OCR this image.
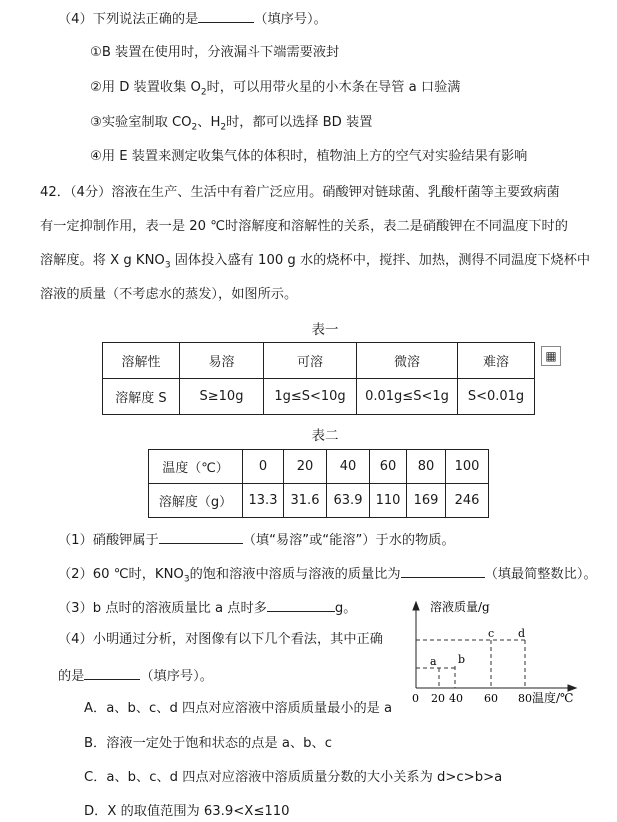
（4）下列说法正确的是	（填序号）。
①B 装置在使用时，分液漏斗下端需要液封
②用 D 装置收集 $O_2$时，可以用带火星的小木条在导管 a 口验满
③实验室制取 $CO_2$、$H_2$时，都可以选择 BD 装置
④用 E 装置来测定收集气体的体积时，植物油上方的空气对实验结果有影响
42．（4分）溶液在生产、生活中有着广泛应用。硝酸钾对链球菌、乳酸杆菌等主要致病菌
有一定抑制作用，表一是 20 ℃时溶解度和溶解性的关系，表二是硝酸钾在不同温度下时的
溶解度。将 X g $KNO_3$ 固体投入盛有 100 g 水的烧杯中，搅拌、加热，测得不同温度下烧杯中
溶液的质量（不考虑水的蒸发），如图所示。
表一
溶解性	易溶	可溶	微溶	难溶
溶解度 S	S≥10g	1g≤S<10g	0.01g≤S<1g	S<0.01g
▦
表二
温度（℃）	0	20	40	60	80	100
溶解度（g）	13.3	31.6	63.9	110	169	246
（1）硝酸钾属于	（填“易溶”或“能溶”）于水的物质。
（2）60 ℃时，$KNO_3$的饱和溶液中溶质与溶液的质量比为	（填最简整数比）。
（3）b 点时的溶液质量比 a 点时多	g。
（4）小明通过分析，对图像有以下几个看法，其中正确
的是	（填序号）。
A．a、b、c、d 四点对应溶液中溶质质量最小的是 a
B．溶液一定处于饱和状态的点是 a、b、c
C．a、b、c、d 四点对应溶液中溶质质量分数的大小关系为 d>c>b>a
D．X 的取值范围为 63.9<X≤110
溶液质量/g
温度/℃
0 20 40 60 80
a b
c d
